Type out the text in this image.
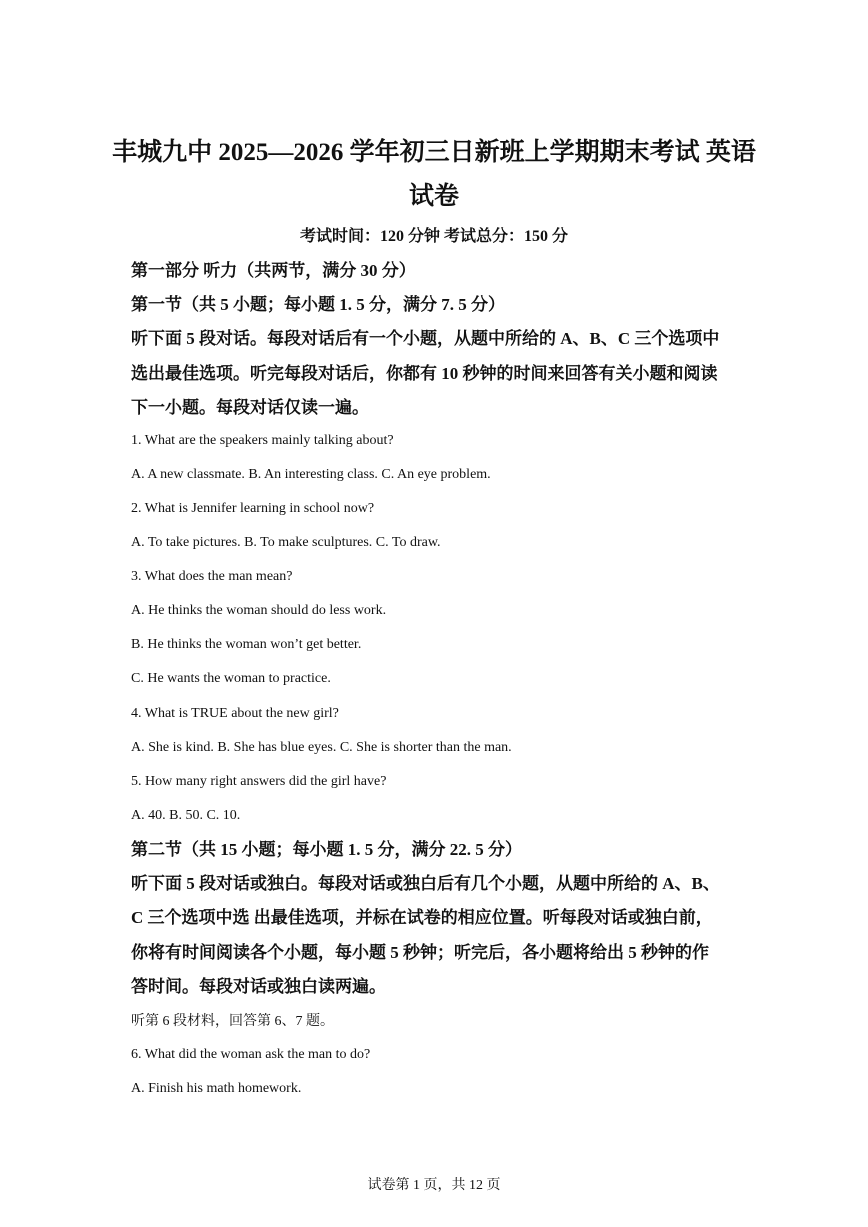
丰城九中 2025—2026 学年初三日新班上学期期末考试 英语
试卷
考试时间：120 分钟 考试总分：150 分
第一部分 听力（共两节，满分 30 分）
第一节（共 5 小题；每小题 1. 5 分，满分 7. 5 分）
听下面 5 段对话。每段对话后有一个小题，从题中所给的 A、B、C 三个选项中
选出最佳选项。听完每段对话后，你都有 10 秒钟的时间来回答有关小题和阅读
下一小题。每段对话仅读一遍。
1. What are the speakers mainly talking about?
A. A new classmate. B. An interesting class. C. An eye problem.
2. What is Jennifer learning in school now?
A. To take pictures. B. To make sculptures. C. To draw.
3. What does the man mean?
A. He thinks the woman should do less work.
B. He thinks the woman won’t get better.
C. He wants the woman to practice.
4. What is TRUE about the new girl?
A. She is kind. B. She has blue eyes. C. She is shorter than the man.
5. How many right answers did the girl have?
A. 40. B. 50. C. 10.
第二节（共 15 小题；每小题 1. 5 分，满分 22. 5 分）
听下面 5 段对话或独白。每段对话或独白后有几个小题，从题中所给的 A、B、
C 三个选项中选 出最佳选项，并标在试卷的相应位置。听每段对话或独白前，
你将有时间阅读各个小题，每小题 5 秒钟；听完后，各小题将给出 5 秒钟的作
答时间。每段对话或独白读两遍。
听第 6 段材料，回答第 6、7 题。
6. What did the woman ask the man to do?
A. Finish his math homework.
试卷第 1 页，共 12 页
